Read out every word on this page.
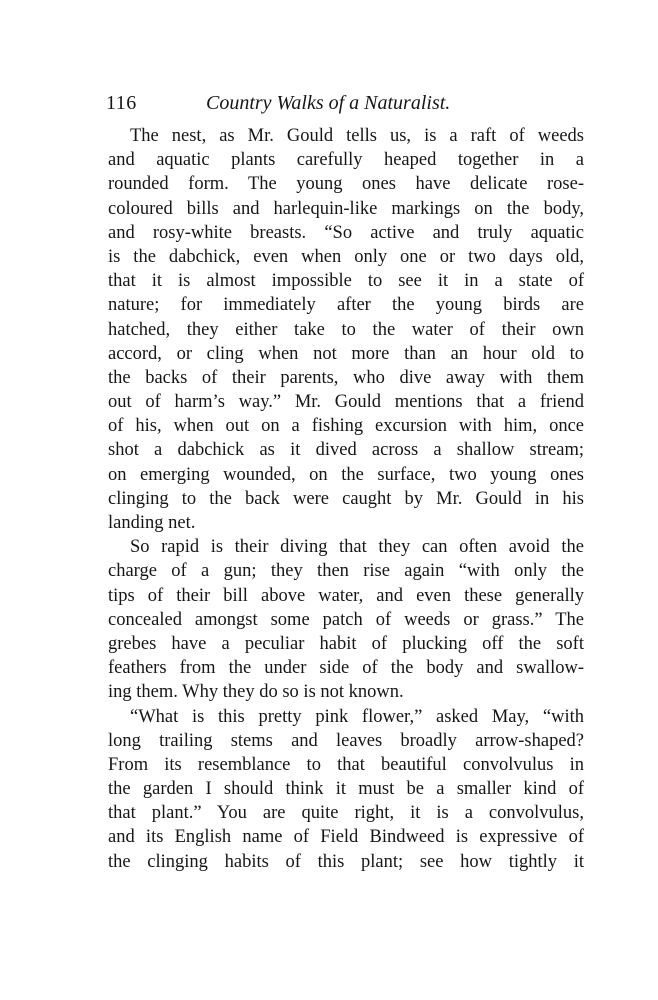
116	Country Walks of a Naturalist.
The nest, as Mr. Gould tells us, is a raft of weeds
and aquatic plants carefully heaped together in a
rounded form. The young ones have delicate rose-
coloured bills and harlequin-like markings on the body,
and rosy-white breasts. “So active and truly aquatic
is the dabchick, even when only one or two days old,
that it is almost impossible to see it in a state of
nature; for immediately after the young birds are
hatched, they either take to the water of their own
accord, or cling when not more than an hour old to
the backs of their parents, who dive away with them
out of harm’s way.” Mr. Gould mentions that a friend
of his, when out on a fishing excursion with him, once
shot a dabchick as it dived across a shallow stream;
on emerging wounded, on the surface, two young ones
clinging to the back were caught by Mr. Gould in his
landing net.
So rapid is their diving that they can often avoid the
charge of a gun; they then rise again “with only the
tips of their bill above water, and even these generally
concealed amongst some patch of weeds or grass.” The
grebes have a peculiar habit of plucking off the soft
feathers from the under side of the body and swallow-
ing them. Why they do so is not known.
“What is this pretty pink flower,” asked May, “with
long trailing stems and leaves broadly arrow-shaped?
From its resemblance to that beautiful convolvulus in
the garden I should think it must be a smaller kind of
that plant.” You are quite right, it is a convolvulus,
and its English name of Field Bindweed is expressive of
the clinging habits of this plant; see how tightly it
